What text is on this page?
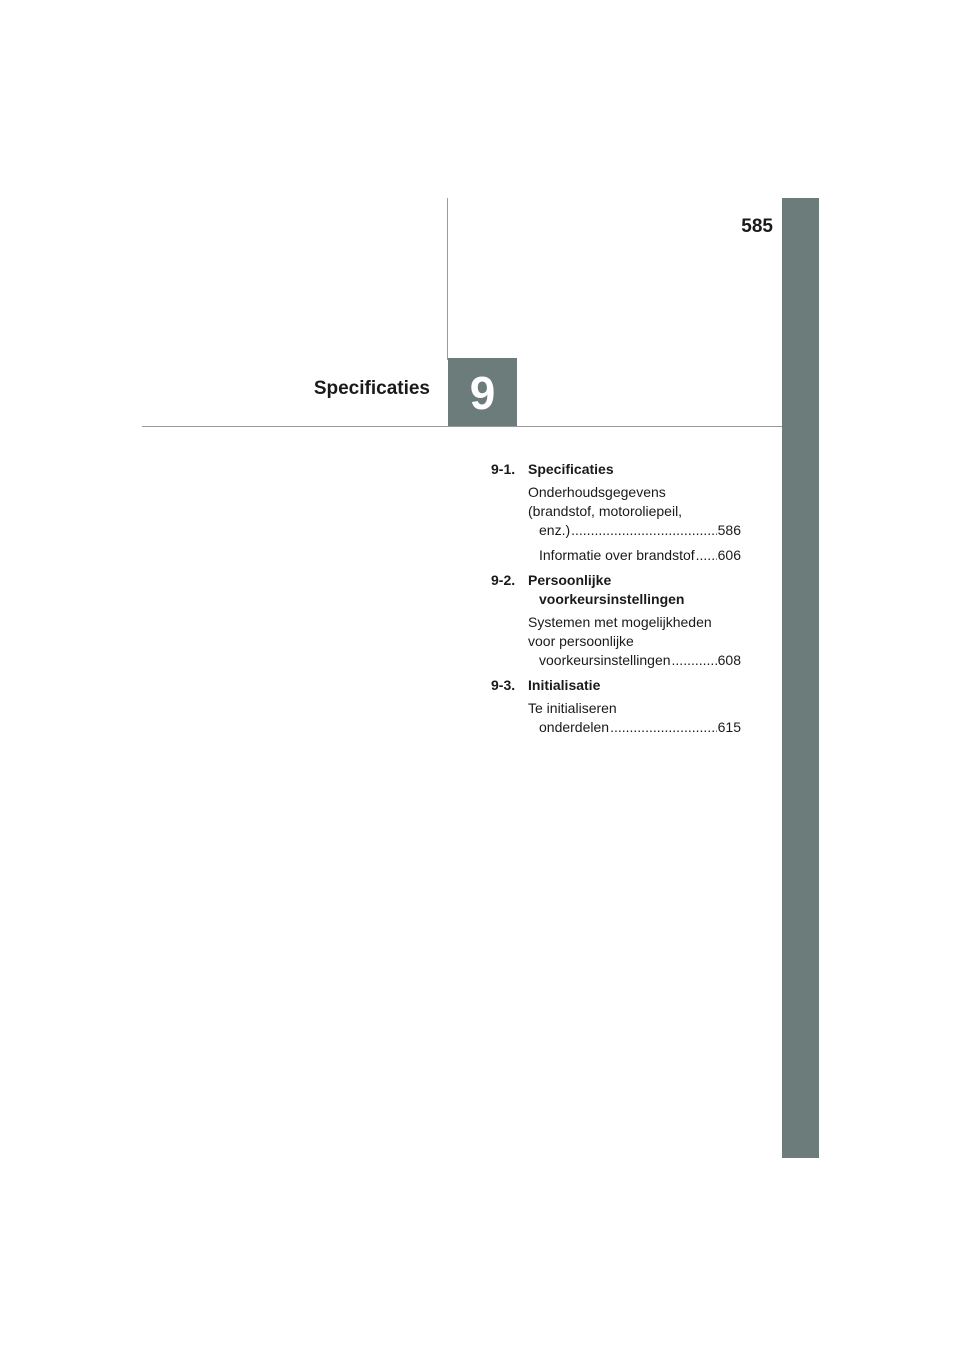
585
9
Specificaties
9-1. Specificaties
Onderhoudsgegevens
(brandstof, motoroliepeil,
enz.) .....	586
Informatie over brandstof ..... 606
9-2. Persoonlijke voorkeursinstellingen
Systemen met mogelijkheden
voor persoonlijke
voorkeursinstellingen .....	608
9-3. Initialisatie
Te initialiseren
onderdelen .....	615
